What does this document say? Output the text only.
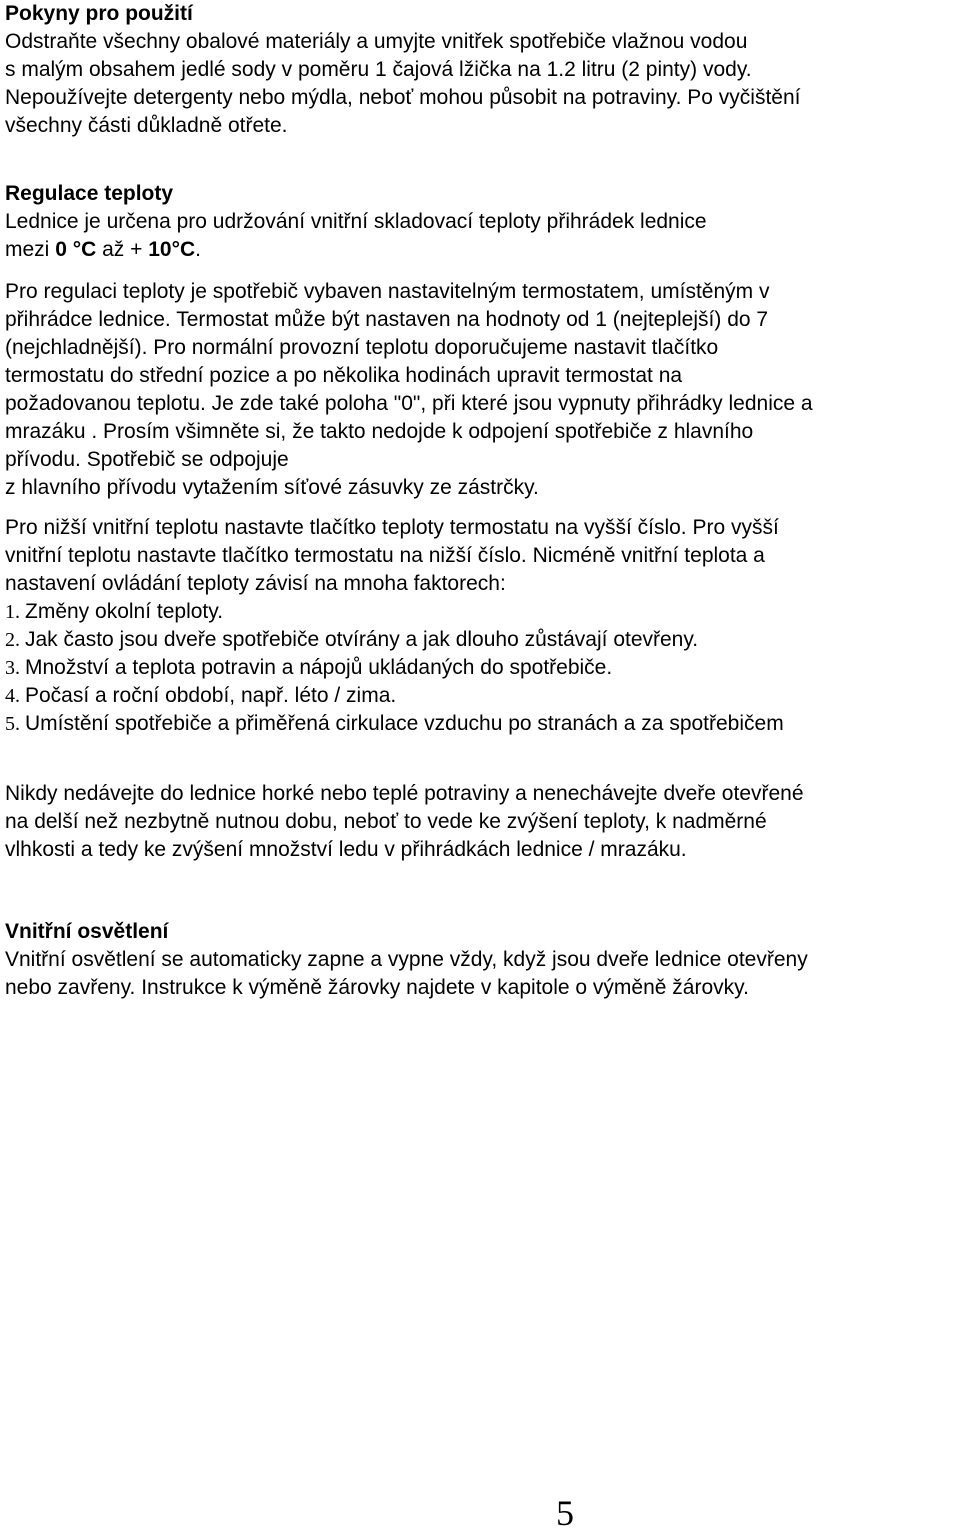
Pokyny pro použití

Odstraňte všechny obalové materiály a umyjte vnitřek spotřebiče vlažnou vodou

s malým obsahem jedlé sody v poměru 1 čajová lžička na 1.2 litru (2 pinty) vody.

Nepoužívejte detergenty nebo mýdla, neboť mohou působit na potraviny. Po vyčištění

všechny části důkladně otřete.

Regulace teploty

Lednice je určena pro udržování vnitřní skladovací teploty přihrádek lednice

mezi 0 °C až + 10°C.

Pro regulaci teploty je spotřebič vybaven nastavitelným termostatem, umístěným v

přihrádce lednice. Termostat může být nastaven na hodnoty od 1 (nejteplejší) do 7

(nejchladnější). Pro normální provozní teplotu doporučujeme nastavit tlačítko

termostatu do střední pozice a po několika hodinách upravit termostat na

požadovanou teplotu. Je zde také poloha "0", při které jsou vypnuty přihrádky lednice a

mrazáku . Prosím všimněte si, že takto nedojde k odpojení spotřebiče z hlavního

přívodu. Spotřebič se odpojuje

z hlavního přívodu vytažením síťové zásuvky ze zástrčky.

Pro nižší vnitřní teplotu nastavte tlačítko teploty termostatu na vyšší číslo. Pro vyšší

vnitřní teplotu nastavte tlačítko termostatu na nižší číslo. Nicméně vnitřní teplota a

nastavení ovládání teploty závisí na mnoha faktorech:

1. Změny okolní teploty.
2. Jak často jsou dveře spotřebiče otvírány a jak dlouho zůstávají otevřeny.
3. Množství a teplota potravin a nápojů ukládaných do spotřebiče.
4. Počasí a roční období, např. léto / zima.
5. Umístění spotřebiče a přiměřená cirkulace vzduchu po stranách a za spotřebičem

Nikdy nedávejte do lednice horké nebo teplé potraviny a nenechávejte dveře otevřené

na delší než nezbytně nutnou dobu, neboť to vede ke zvýšení teploty, k nadměrné

vlhkosti a tedy ke zvýšení množství ledu v přihrádkách lednice / mrazáku.

Vnitřní osvětlení

Vnitřní osvětlení se automaticky zapne a vypne vždy, když jsou dveře lednice otevřeny

nebo zavřeny. Instrukce k výměně žárovky najdete v kapitole o výměně žárovky.

5
